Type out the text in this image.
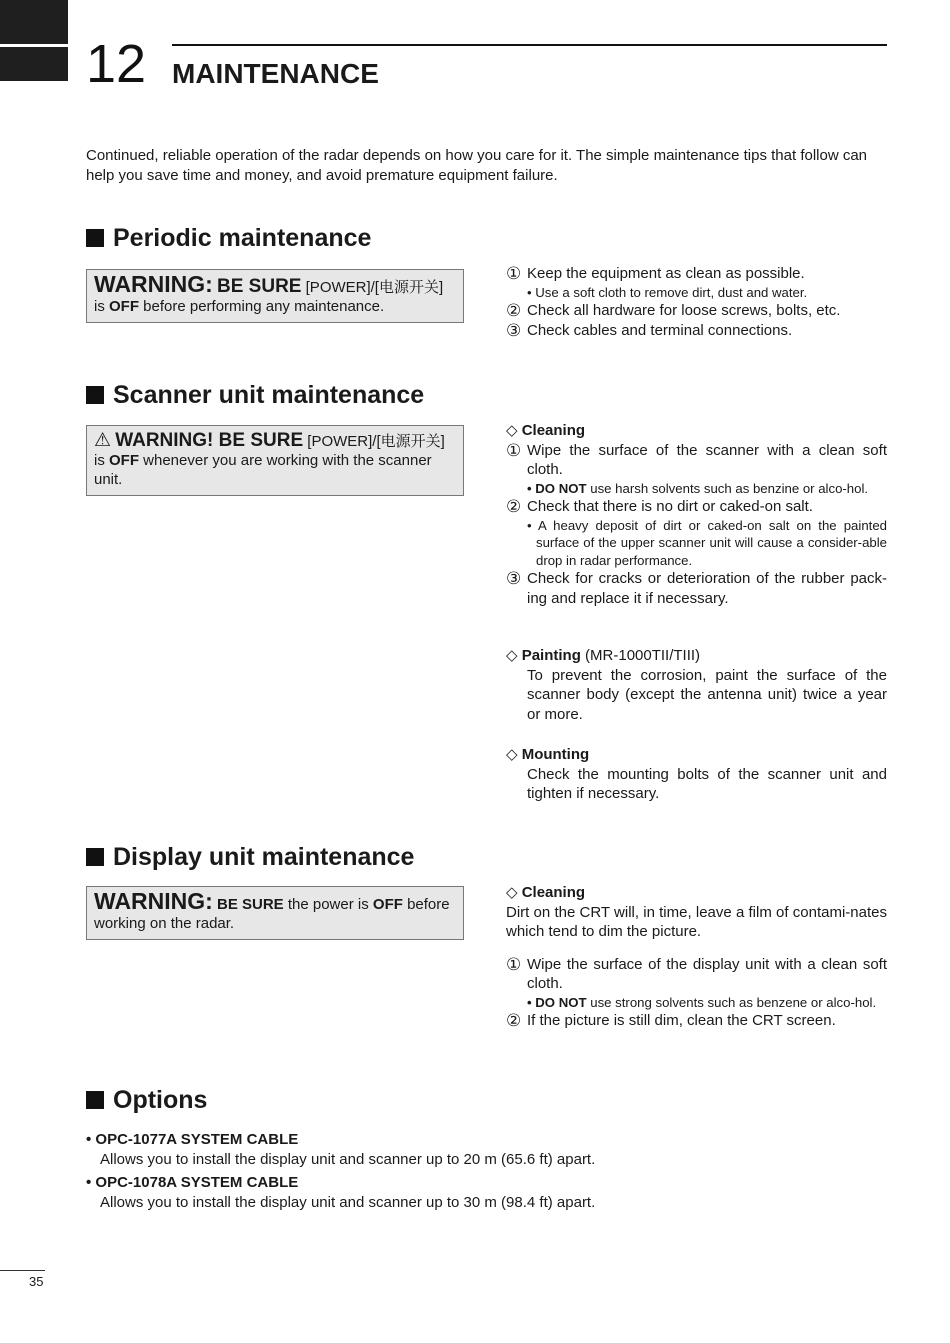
12 MAINTENANCE
Continued, reliable operation of the radar depends on how you care for it. The simple maintenance tips that follow can help you save time and money, and avoid premature equipment failure.
Periodic maintenance
WARNING: BE SURE [POWER]/[电源开关]
is OFF before performing any maintenance.
① Keep the equipment as clean as possible.
• Use a soft cloth to remove dirt, dust and water.
② Check all hardware for loose screws, bolts, etc.
③ Check cables and terminal connections.
Scanner unit maintenance
⚠ WARNING! BE SURE [POWER]/[电源开关]
is OFF whenever you are working with the scanner unit.
◇ Cleaning
① Wipe the surface of the scanner with a clean soft cloth.
• DO NOT use harsh solvents such as benzine or alco-hol.
② Check that there is no dirt or caked-on salt.
• A heavy deposit of dirt or caked-on salt on the painted surface of the upper scanner unit will cause a consider-able drop in radar performance.
③ Check for cracks or deterioration of the rubber pack-ing and replace it if necessary.
◇ Painting (MR-1000TII/TIII)
To prevent the corrosion, paint the surface of the scanner body (except the antenna unit) twice a year or more.
◇ Mounting
Check the mounting bolts of the scanner unit and tighten if necessary.
Display unit maintenance
WARNING: BE SURE the power is OFF before working on the radar.
◇ Cleaning
Dirt on the CRT will, in time, leave a film of contami-nates which tend to dim the picture.
① Wipe the surface of the display unit with a clean soft cloth.
• DO NOT use strong solvents such as benzene or alco-hol.
② If the picture is still dim, clean the CRT screen.
Options
• OPC-1077A SYSTEM CABLE
Allows you to install the display unit and scanner up to 20 m (65.6 ft) apart.
• OPC-1078A SYSTEM CABLE
Allows you to install the display unit and scanner up to 30 m (98.4 ft) apart.
35
